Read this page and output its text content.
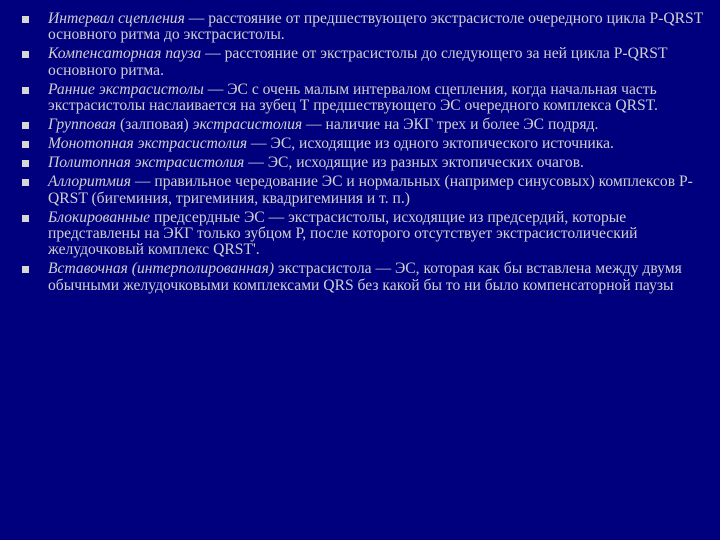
Интервал сцепления — расстояние от предшествующего экстрасистоле очередного цикла P-QRST основного ритма до экстрасистолы.
Компенсаторная пауза — расстояние от экстрасистолы до следующего за ней цикла P-QRST основного ритма.
Ранние экстрасистолы — ЭС с очень малым интервалом сцепления, когда начальная часть экстрасистолы наслаивается на зубец Т предшествующего ЭС очередного комплекса QRST.
Групповая (залповая) экстрасистолия — наличие на ЭКГ трех и более ЭС подряд.
Монотопная экстрасистолия — ЭС, исходящие из одного эктопического источника.
Политопная экстрасистолия — ЭС, исходящие из разных эктопических очагов.
Аллоритмия — правильное чередование ЭС и нормальных (например синусовых) комплексов P-QRST (бигеминия, тригеминия, квадригеминия и т. п.)
Блокированные предсердные ЭС — экстрасистолы, исходящие из предсердий, которые представлены на ЭКГ только зубцом Р, после которого отсутствует экстрасистолический желудочковый комплекс QRST'.
Вставочная (интерполированная) экстрасистола — ЭС, которая как бы вставлена между двумя обычными желудочковыми комплексами QRS без какой бы то ни было компенсаторной паузы
